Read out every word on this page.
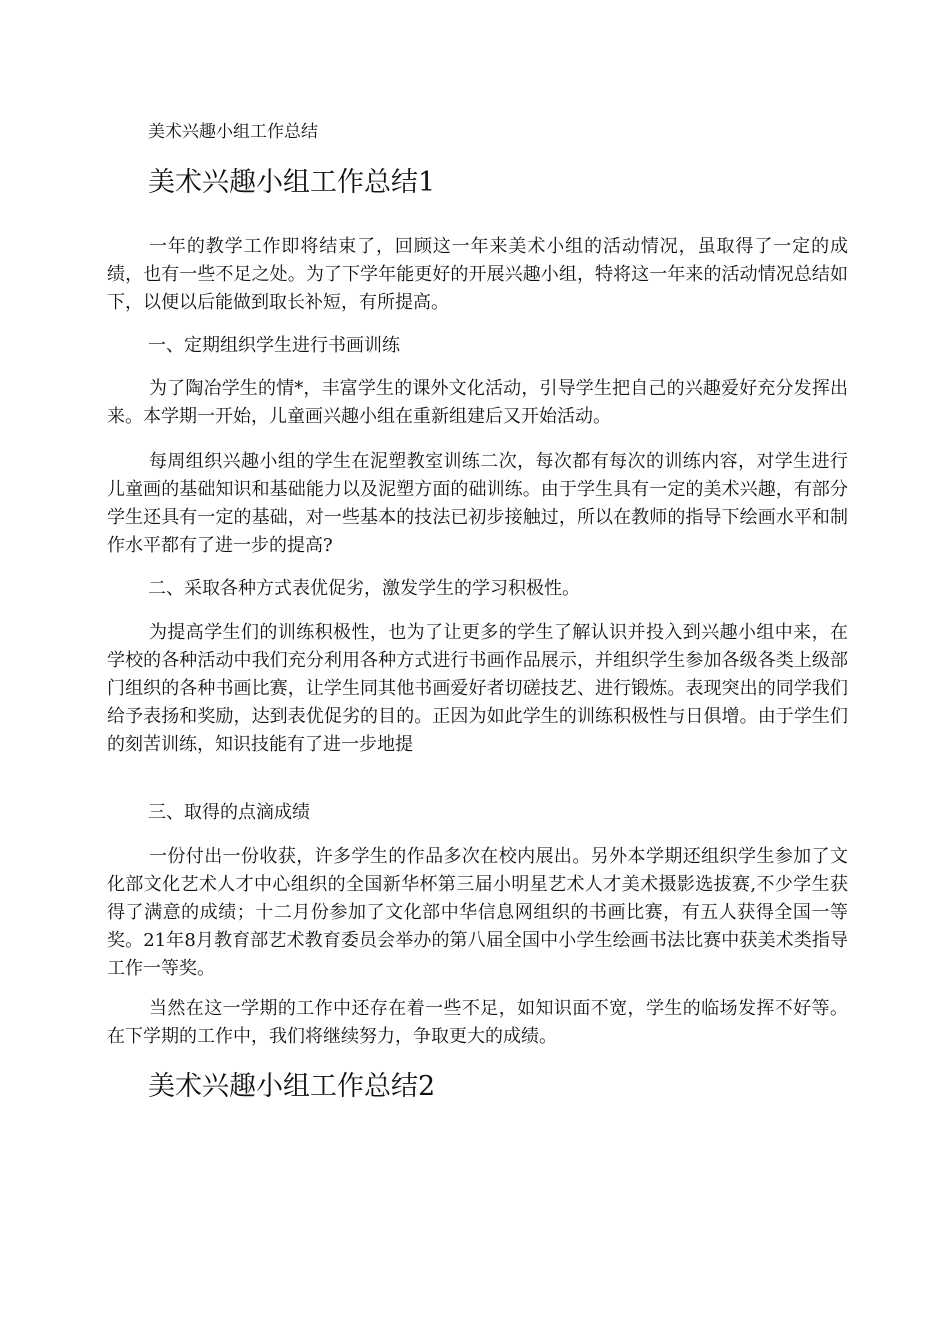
美术兴趣小组工作总结
美术兴趣小组工作总结1

一年的教学工作即将结束了，回顾这一年来美术小组的活动情况，虽取得了一定的成绩，也有一些不足之处。为了下学年能更好的开展兴趣小组，特将这一年来的活动情况总结如下，以便以后能做到取长补短，有所提高。

一、定期组织学生进行书画训练

为了陶冶学生的情*，丰富学生的课外文化活动，引导学生把自己的兴趣爱好充分发挥出来。本学期一开始，儿童画兴趣小组在重新组建后又开始活动。

每周组织兴趣小组的学生在泥塑教室训练二次，每次都有每次的训练内容，对学生进行儿童画的基础知识和基础能力以及泥塑方面的础训练。由于学生具有一定的美术兴趣，有部分学生还具有一定的基础，对一些基本的技法已初步接触过，所以在教师的指导下绘画水平和制作水平都有了进一步的提高?

二、采取各种方式表优促劣，激发学生的学习积极性。

为提高学生们的训练积极性，也为了让更多的学生了解认识并投入到兴趣小组中来，在学校的各种活动中我们充分利用各种方式进行书画作品展示，并组织学生参加各级各类上级部门组织的各种书画比赛，让学生同其他书画爱好者切磋技艺、进行锻炼。表现突出的同学我们给予表扬和奖励，达到表优促劣的目的。正因为如此学生的训练积极性与日俱增。由于学生们的刻苦训练，知识技能有了进一步地提

三、取得的点滴成绩

一份付出一份收获，许多学生的作品多次在校内展出。另外本学期还组织学生参加了文化部文化艺术人才中心组织的全国新华杯第三届小明星艺术人才美术摄影选拔赛,不少学生获得了满意的成绩；十二月份参加了文化部中华信息网组织的书画比赛，有五人获得全国一等奖。21年8月教育部艺术教育委员会举办的第八届全国中小学生绘画书法比赛中获美术类指导工作一等奖。

当然在这一学期的工作中还存在着一些不足，如知识面不宽，学生的临场发挥不好等。在下学期的工作中，我们将继续努力，争取更大的成绩。

美术兴趣小组工作总结2
